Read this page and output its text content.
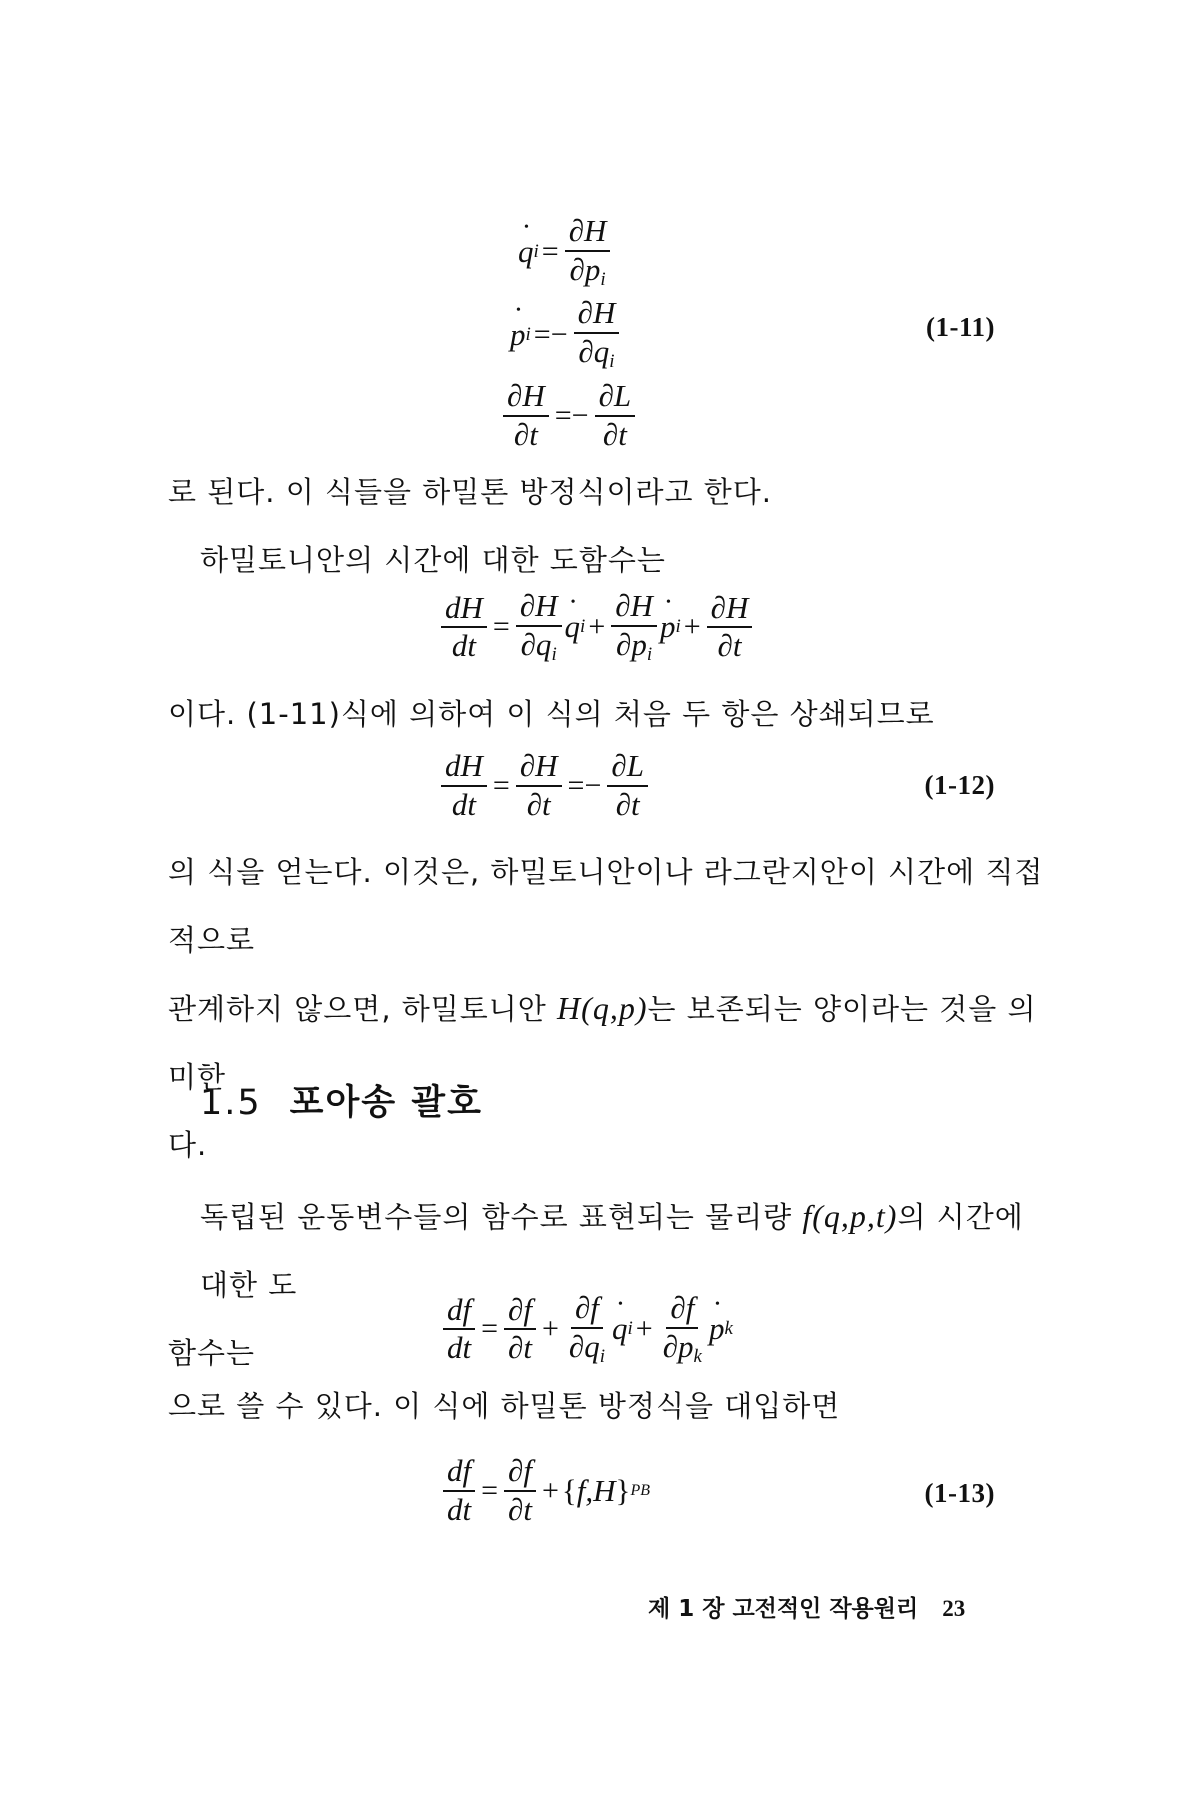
• q $i = \frac{\partial H}{\partial p_i}$
• p $i =- \frac{\partial H}{\partial q_i}$
$\frac{\partial H}{\partial t} =- \frac{\partial L}{\partial t}$
(1-11)
로 된다. 이 식들을 하밀톤 방정식이라고 한다.
하밀토니안의 시간에 대한 도함수는
$\frac{dH}{dt} = \frac{\partial H}{\partial q_i}$ • q $i + \frac{\partial H}{\partial p_i}$ • p $i + \frac{\partial H}{\partial t}$
이다. (1-11)식에 의하여 이 식의 처음 두 항은 상쇄되므로
$\frac{dH}{dt} = \frac{\partial H}{\partial t} =- \frac{\partial L}{\partial t}$	(1-12)
의 식을 얻는다. 이것은, 하밀토니안이나 라그란지안이 시간에 직접적으로
관계하지 않으면, 하밀토니안 H(q,p)는 보존되는 양이라는 것을 의미한
다.
1.5 포아송 괄호
독립된 운동변수들의 함수로 표현되는 물리량 f(q,p,t)의 시간에 대한 도
함수는	$\frac{df}{dt} = \frac{\partial f}{\partial t} + \frac{\partial f}{\partial q_i}$ • q $i + \frac{\partial f}{\partial p_k}$ • p k
으로 쓸 수 있다. 이 식에 하밀톤 방정식을 대입하면
$\frac{df}{dt} = \frac{\partial f}{\partial t}$ + { f,H } PB	(1-13)
제 1 장 고전적인 작용원리 23
